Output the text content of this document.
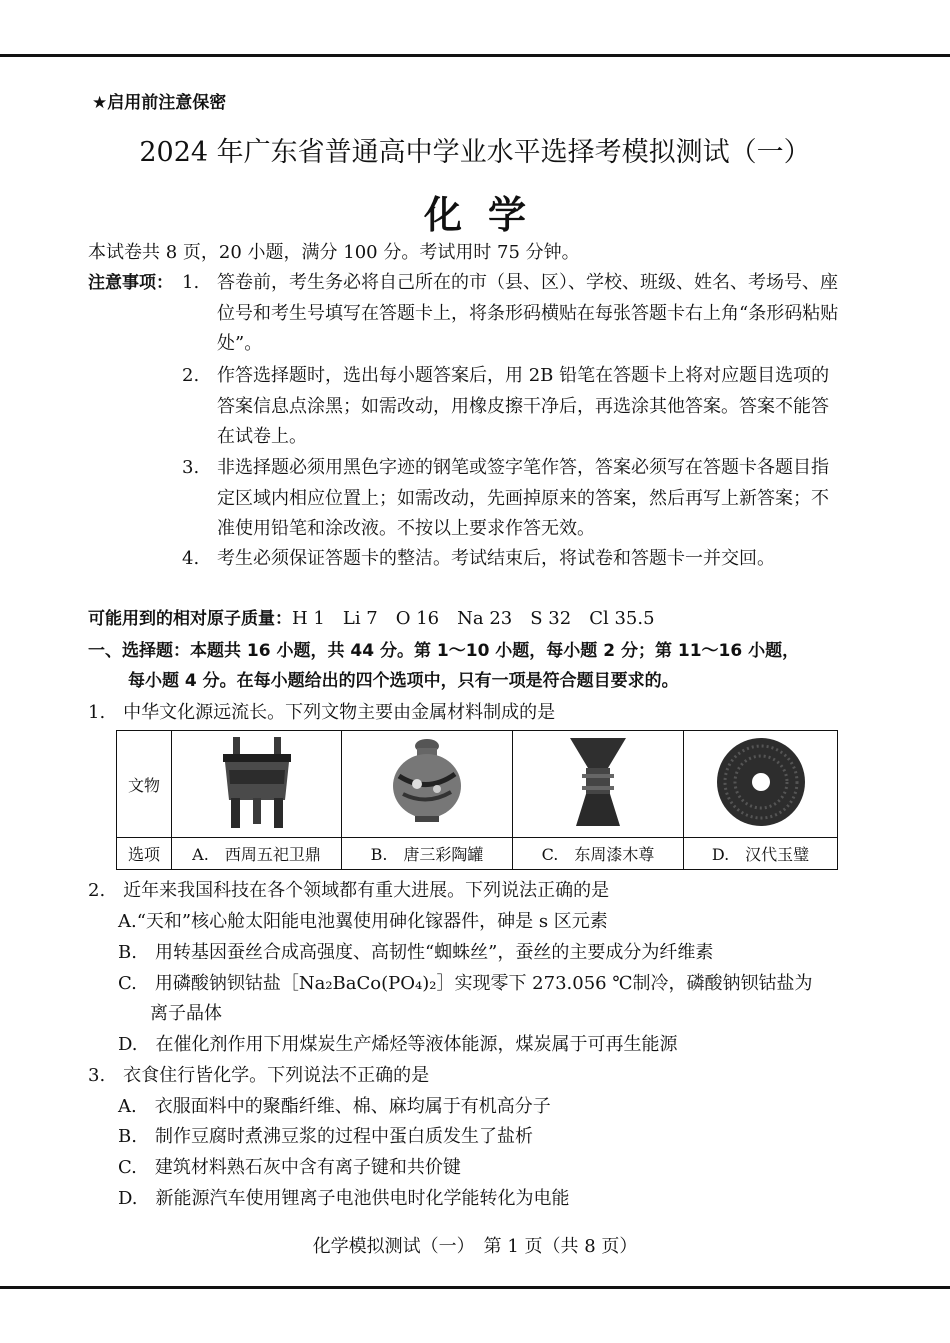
★启用前注意保密
2024 年广东省普通高中学业水平选择考模拟测试（一）
化学
本试卷共 8 页，20 小题，满分 100 分。考试用时 75 分钟。
注意事项： 1. 答卷前，考生务必将自己所在的市（县、区）、学校、班级、姓名、考场号、座位号和考生号填写在答题卡上，将条形码横贴在每张答题卡右上角“条形码粘贴处”。
2. 作答选择题时，选出每小题答案后，用 2B 铅笔在答题卡上将对应题目选项的答案信息点涂黑；如需改动，用橡皮擦干净后，再选涂其他答案。答案不能答在试卷上。
3. 非选择题必须用黑色字迹的钢笔或签字笔作答，答案必须写在答题卡各题目指定区域内相应位置上；如需改动，先画掉原来的答案，然后再写上新答案；不准使用铅笔和涂改液。不按以上要求作答无效。
4. 考生必须保证答题卡的整洁。考试结束后，将试卷和答题卡一并交回。
可能用到的相对原子质量：H 1　Li 7　O 16　Na 23　S 32　Cl 35.5
一、选择题：本题共 16 小题，共 44 分。第 1～10 小题，每小题 2 分；第 11～16 小题，
每小题 4 分。在每小题给出的四个选项中，只有一项是符合题目要求的。
1.　中华文化源远流长。下列文物主要由金属材料制成的是
文物				
选项	A.　西周五祀卫鼎	B.　唐三彩陶罐	C.　东周漆木尊	D.　汉代玉璧
2.　近年来我国科技在各个领域都有重大进展。下列说法正确的是
A.“天和”核心舱太阳能电池翼使用砷化镓器件，砷是 s 区元素
B.　用转基因蚕丝合成高强度、高韧性“蜘蛛丝”，蚕丝的主要成分为纤维素
C.　用磷酸钠钡钴盐［Na₂BaCo(PO₄)₂］实现零下 273.056 ℃制冷，磷酸钠钡钴盐为
离子晶体
D.　在催化剂作用下用煤炭生产烯烃等液体能源，煤炭属于可再生能源
3.　衣食住行皆化学。下列说法不正确的是
A.　衣服面料中的聚酯纤维、棉、麻均属于有机高分子
B.　制作豆腐时煮沸豆浆的过程中蛋白质发生了盐析
C.　建筑材料熟石灰中含有离子键和共价键
D.　新能源汽车使用锂离子电池供电时化学能转化为电能
化学模拟测试（一）　第 1 页（共 8 页）
